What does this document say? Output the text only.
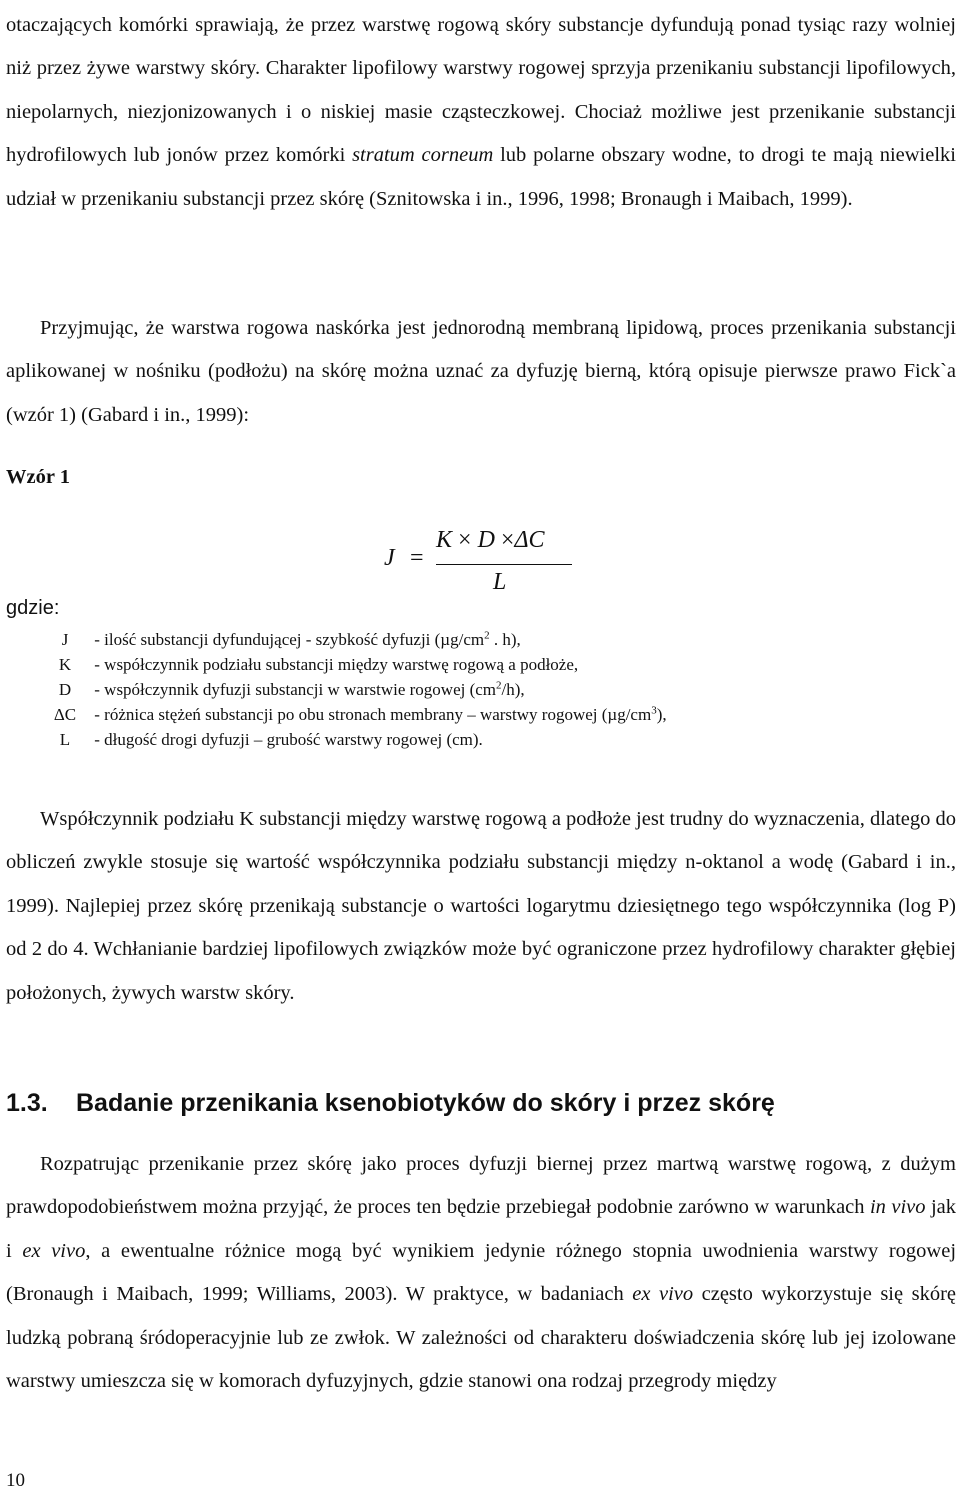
otaczających komórki sprawiają, że przez warstwę rogową skóry substancje dyfundują ponad tysiąc razy wolniej niż przez żywe warstwy skóry. Charakter lipofilowy warstwy rogowej sprzyja przenikaniu substancji lipofilowych, niepolarnych, niezjonizowanych i o niskiej masie cząsteczkowej. Chociaż możliwe jest przenikanie substancji hydrofilowych lub jonów przez komórki stratum corneum lub polarne obszary wodne, to drogi te mają niewielki udział w przenikaniu substancji przez skórę (Sznitowska i in., 1996, 1998; Bronaugh i Maibach, 1999).

Przyjmując, że warstwa rogowa naskórka jest jednorodną membraną lipidową, proces przenikania substancji aplikowanej w nośniku (podłożu) na skórę można uznać za dyfuzję bierną, którą opisuje pierwsze prawo Fick`a (wzór 1) (Gabard i in., 1999):

Wzór 1

J =
K × D ×ΔC
L

gdzie:

J - ilość substancji dyfundującej - szybkość dyfuzji ($\mu g/cm^2$ . h),
K - współczynnik podziału substancji między warstwę rogową a podłoże,
D - współczynnik dyfuzji substancji w warstwie rogowej $(cm^2/h)$,
ΔC - różnica stężeń substancji po obu stronach membrany – warstwy rogowej $(\mu g/cm^3)$,
L - długość drogi dyfuzji – grubość warstwy rogowej (cm).

Współczynnik podziału K substancji między warstwę rogową a podłoże jest trudny do wyznaczenia, dlatego do obliczeń zwykle stosuje się wartość współczynnika podziału substancji między n-oktanol a wodę (Gabard i in., 1999). Najlepiej przez skórę przenikają substancje o wartości logarytmu dziesiętnego tego współczynnika (log P) od 2 do 4. Wchłanianie bardziej lipofilowych związków może być ograniczone przez hydrofilowy charakter głębiej położonych, żywych warstw skóry.

1.3. Badanie przenikania ksenobiotyków do skóry i przez skórę

Rozpatrując przenikanie przez skórę jako proces dyfuzji biernej przez martwą warstwę rogową, z dużym prawdopodobieństwem można przyjąć, że proces ten będzie przebiegał podobnie zarówno w warunkach in vivo jak i ex vivo, a ewentualne różnice mogą być wynikiem jedynie różnego stopnia uwodnienia warstwy rogowej (Bronaugh i Maibach, 1999; Williams, 2003). W praktyce, w badaniach ex vivo często wykorzystuje się skórę ludzką pobraną śródoperacyjnie lub ze zwłok. W zależności od charakteru doświadczenia skórę lub jej izolowane warstwy umieszcza się w komorach dyfuzyjnych, gdzie stanowi ona rodzaj przegrody między

10
